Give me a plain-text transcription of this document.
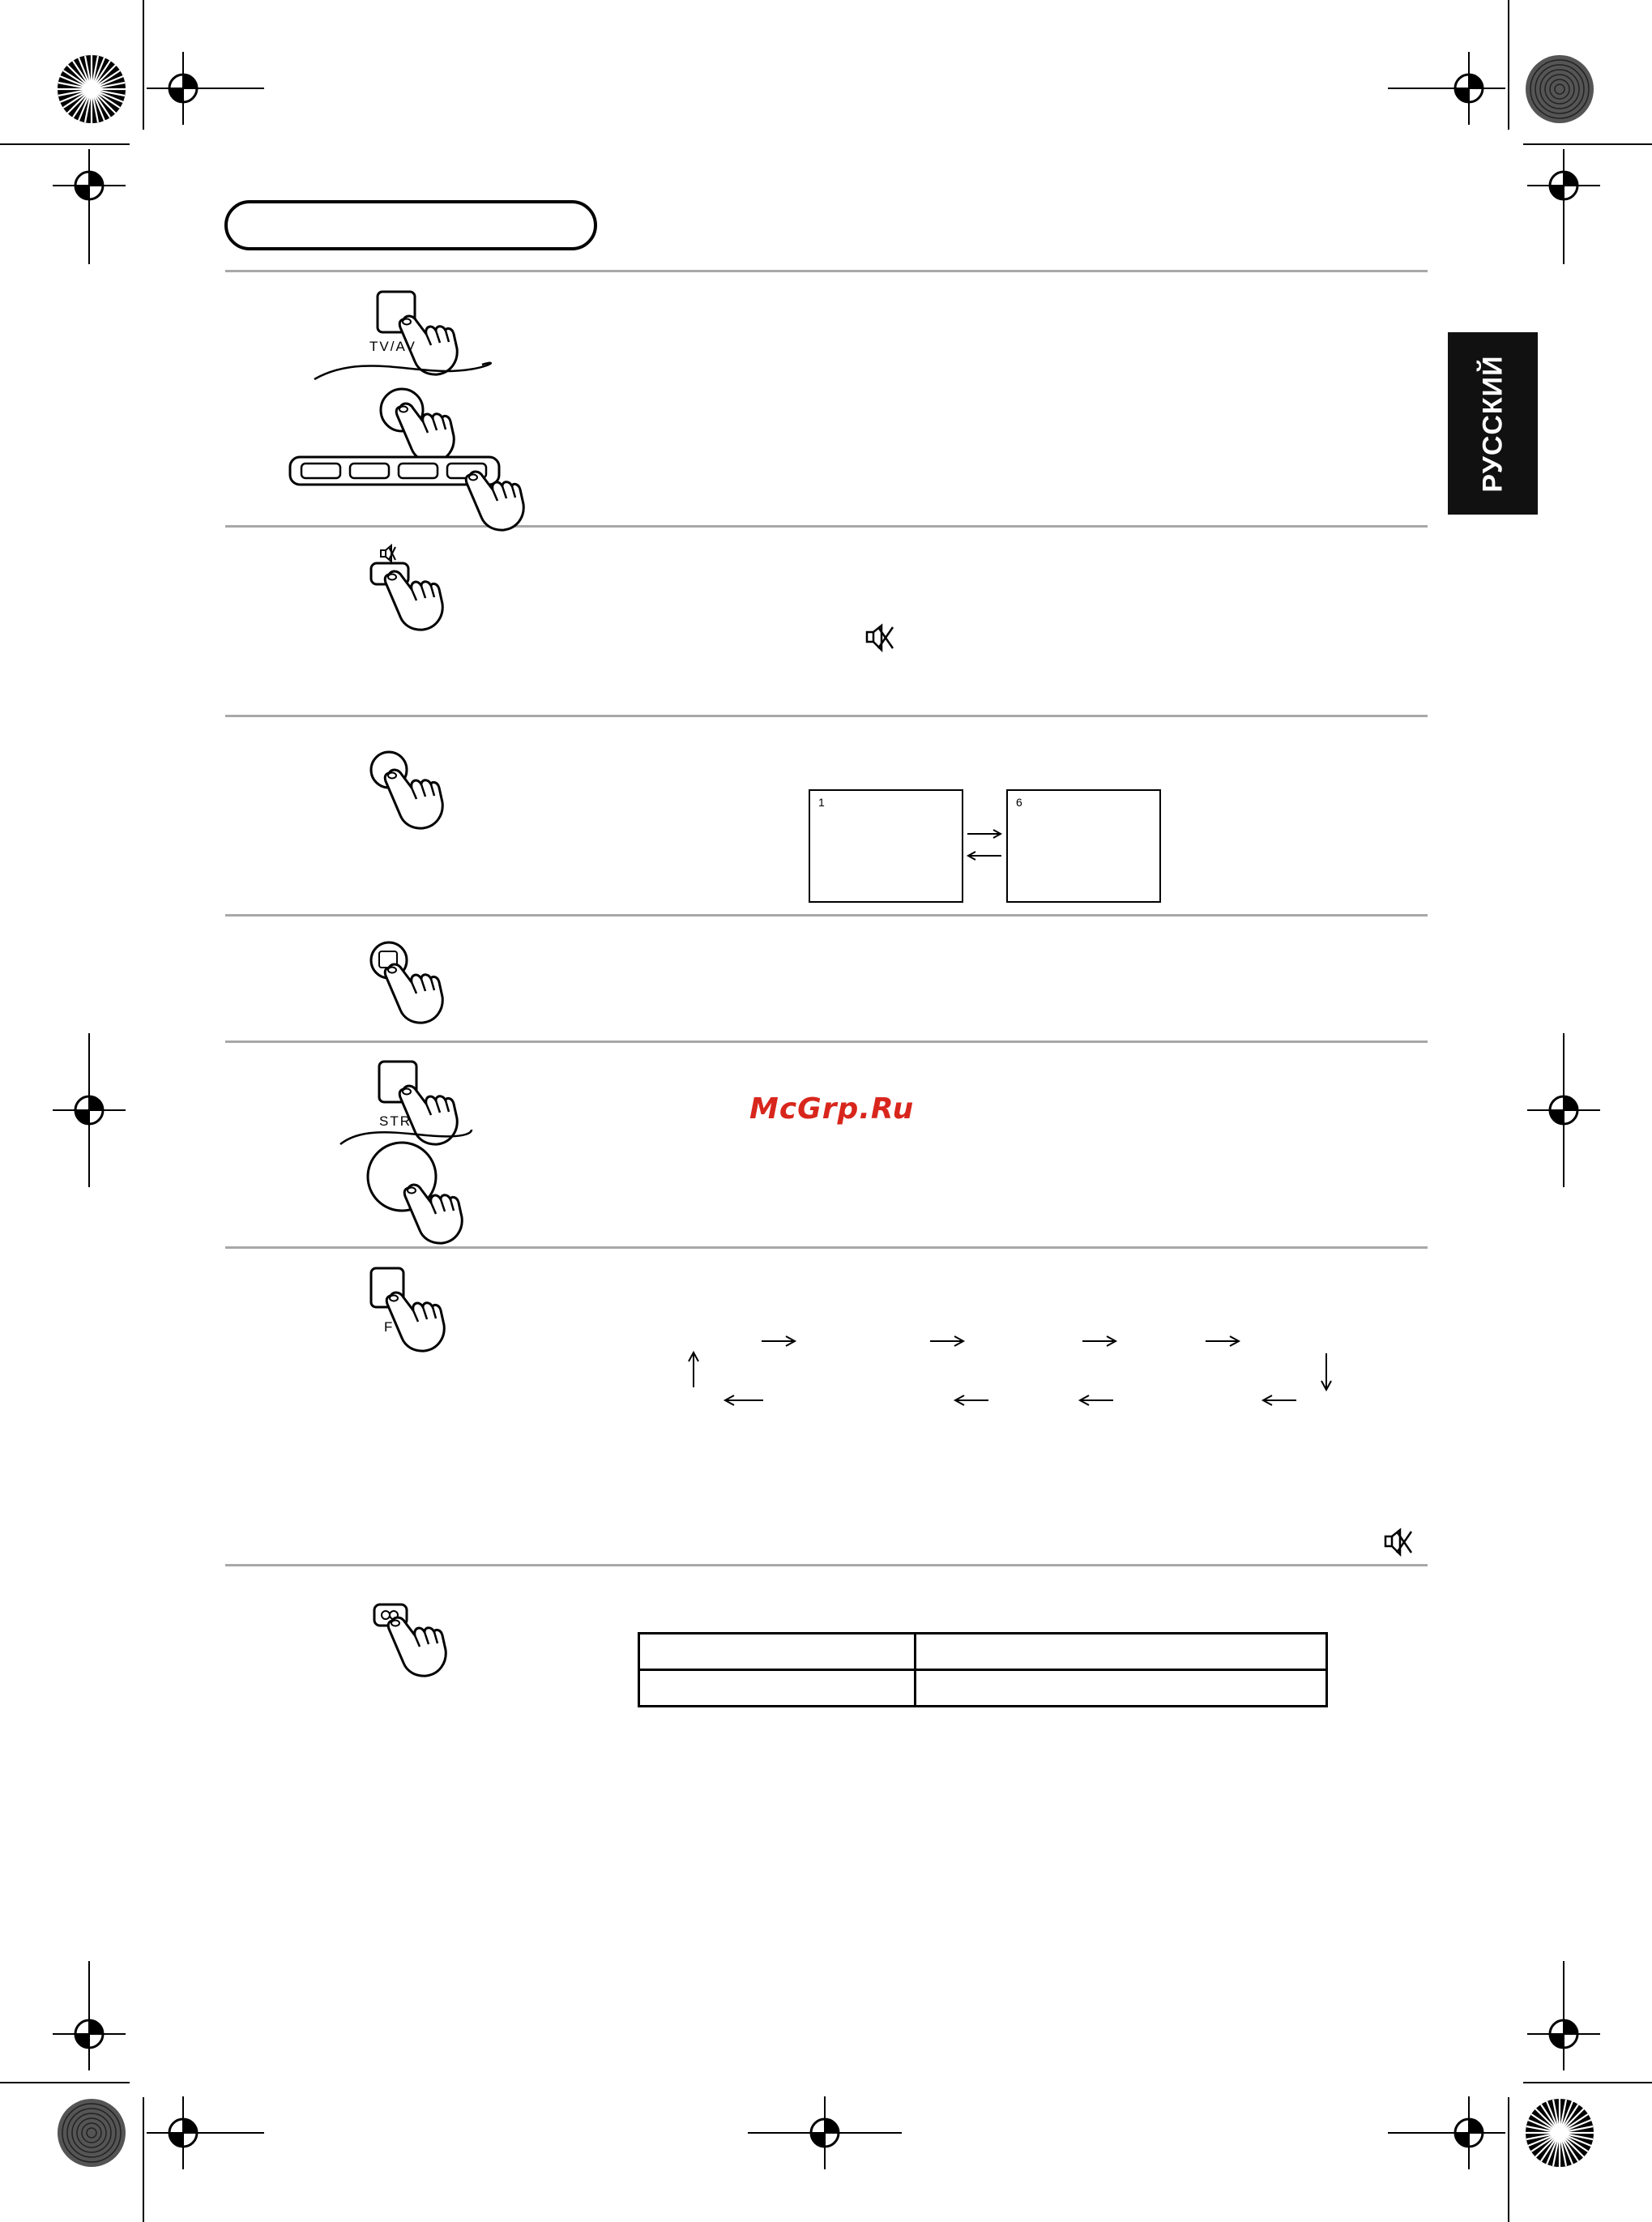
РУССКИЙ
TV/AV
1	6
STR	McGrp.Ru
F
